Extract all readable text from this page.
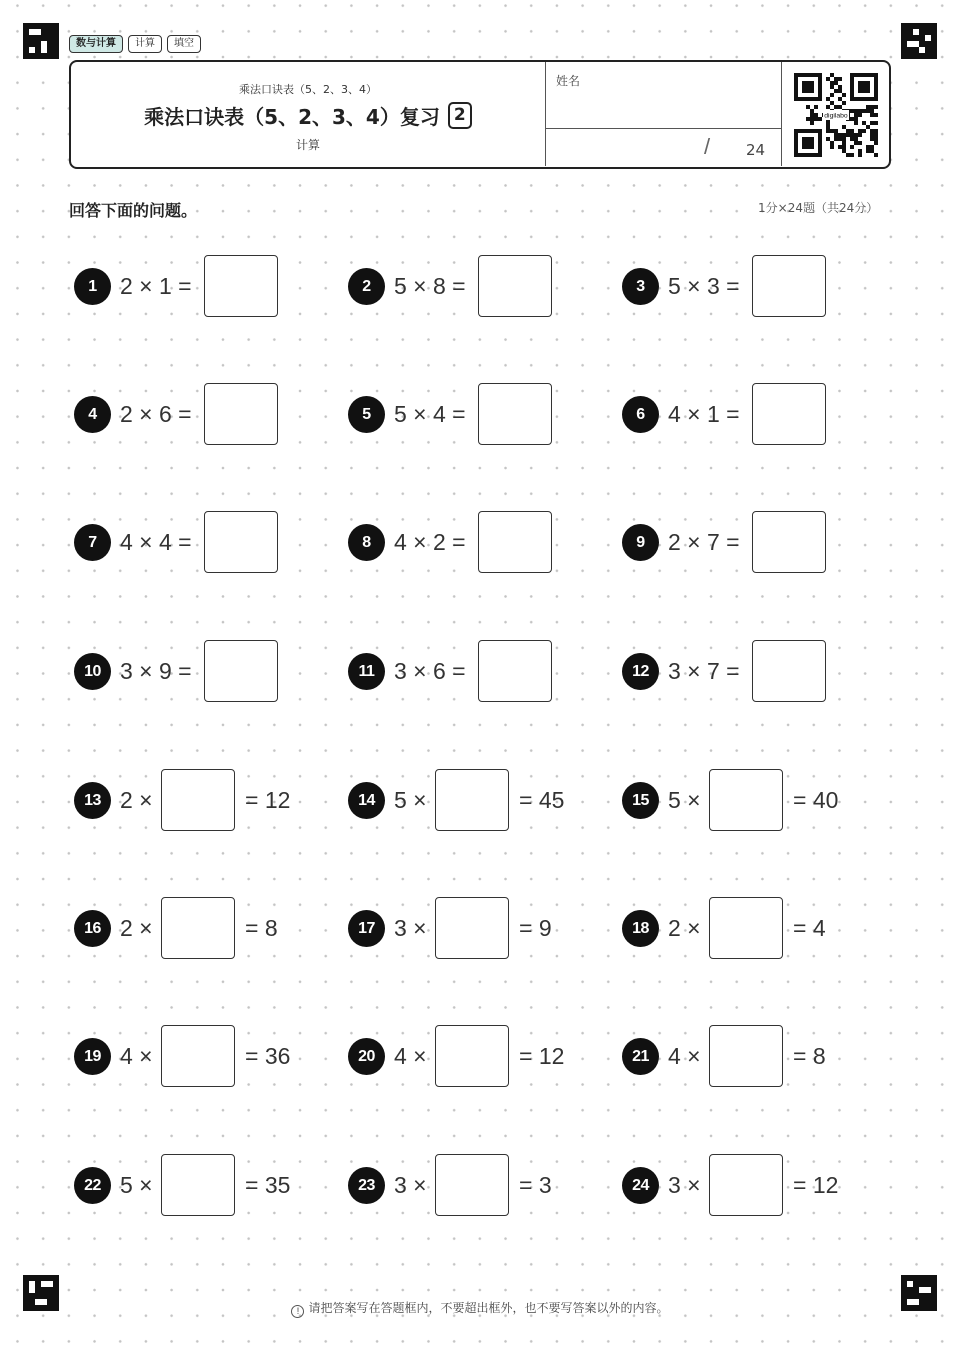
数与计算	计算	填空
乘法口诀表（5、2、3、4）
乘法口诀表（5、2、3、4）复习 2
计算
姓名
/ 24
digilabo
回答下面的问题。	1分×24题（共24分）
1	2 × 1 =	2	5 × 8 =	3	5 × 3 =
4	2 × 6 =	5	5 × 4 =	6	4 × 1 =
7	4 × 4 =	8	4 × 2 =	9	2 × 7 =
10 3 × 9 =	11 3 × 6 =	12 3 × 7 =
13 2 ×	= 12	14 5 ×	= 45	15 5 ×	= 40
16 2 ×	= 8	17 3 ×	= 9	18 2 ×	= 4
19 4 ×	= 36	20 4 ×	= 12	21 4 ×	= 8
22 5 ×	= 35	23 3 ×	= 3	24 3 ×	= 12
! 请把答案写在答题框内，不要超出框外，也不要写答案以外的内容。
